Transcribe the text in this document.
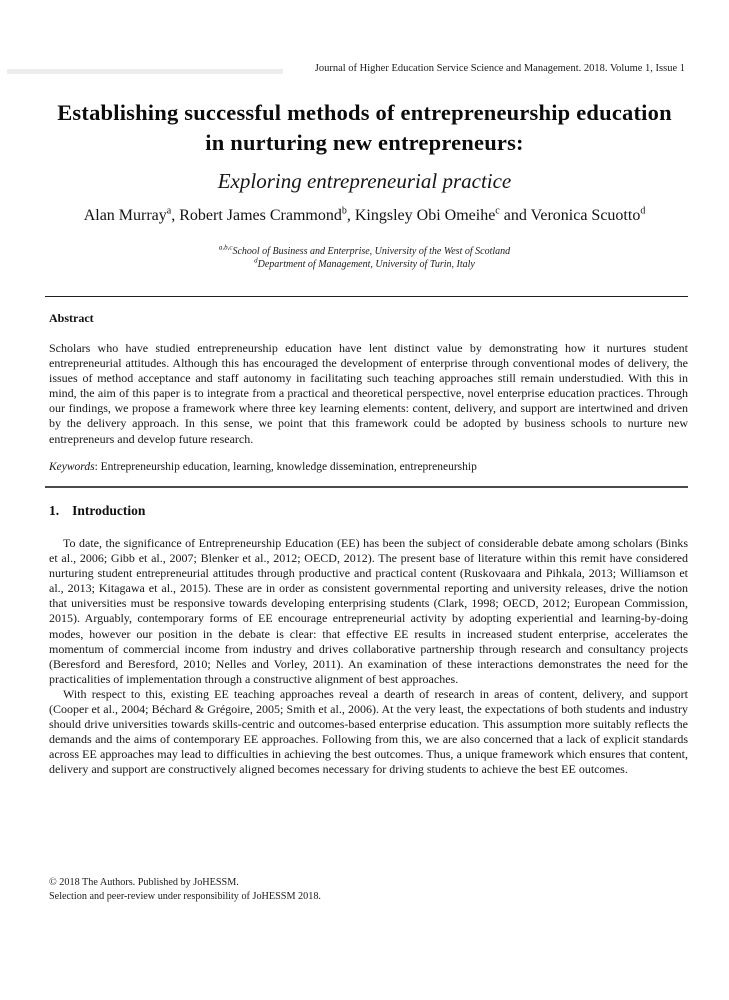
Journal of Higher Education Service Science and Management. 2018. Volume 1, Issue 1
Establishing successful methods of entrepreneurship education
in nurturing new entrepreneurs:
Exploring entrepreneurial practice
Alan Murray$^a$, Robert James Crammond$^b$, Kingsley Obi Omeihe$^c$ and Veronica Scuotto$^d$
$^{a,b,c}$School of Business and Enterprise, University of the West of Scotland
$^d$Department of Management, University of Turin, Italy
Abstract
Scholars who have studied entrepreneurship education have lent distinct value by demonstrating how it nurtures student entrepreneurial attitudes. Although this has encouraged the development of enterprise through conventional modes of delivery, the issues of method acceptance and staff autonomy in facilitating such teaching approaches still remain understudied. With this in mind, the aim of this paper is to integrate from a practical and theoretical perspective, novel enterprise education practices. Through our findings, we propose a framework where three key learning elements: content, delivery, and support are intertwined and driven by the delivery approach. In this sense, we point that this framework could be adopted by business schools to nurture new entrepreneurs and develop future research.
Keywords: Entrepreneurship education, learning, knowledge dissemination, entrepreneurship
1. Introduction

To date, the significance of Entrepreneurship Education (EE) has been the subject of considerable debate among scholars (Binks et al., 2006; Gibb et al., 2007; Blenker et al., 2012; OECD, 2012). The present base of literature within this remit have considered nurturing student entrepreneurial attitudes through productive and practical content (Ruskovaara and Pihkala, 2013; Williamson et al., 2013; Kitagawa et al., 2015). These are in order as consistent governmental reporting and university releases, drive the notion that universities must be responsive towards developing enterprising students (Clark, 1998; OECD, 2012; European Commission, 2015). Arguably, contemporary forms of EE encourage entrepreneurial activity by adopting experiential and learning-by-doing modes, however our position in the debate is clear: that effective EE results in increased student enterprise, accelerates the momentum of commercial income from industry and drives collaborative partnership through research and consultancy projects (Beresford and Beresford, 2010; Nelles and Vorley, 2011). An examination of these interactions demonstrates the need for the practicalities of implementation through a constructive alignment of best approaches.

With respect to this, existing EE teaching approaches reveal a dearth of research in areas of content, delivery, and support (Cooper et al., 2004; Béchard & Grégoire, 2005; Smith et al., 2006). At the very least, the expectations of both students and industry should drive universities towards skills-centric and outcomes-based enterprise education. This assumption more suitably reflects the demands and the aims of contemporary EE approaches. Following from this, we are also concerned that a lack of explicit standards across EE approaches may lead to difficulties in achieving the best outcomes. Thus, a unique framework which ensures that content, delivery and support are constructively aligned becomes necessary for driving students to achieve the best EE outcomes.

© 2018 The Authors. Published by JoHESSM.
Selection and peer-review under responsibility of JoHESSM 2018.
